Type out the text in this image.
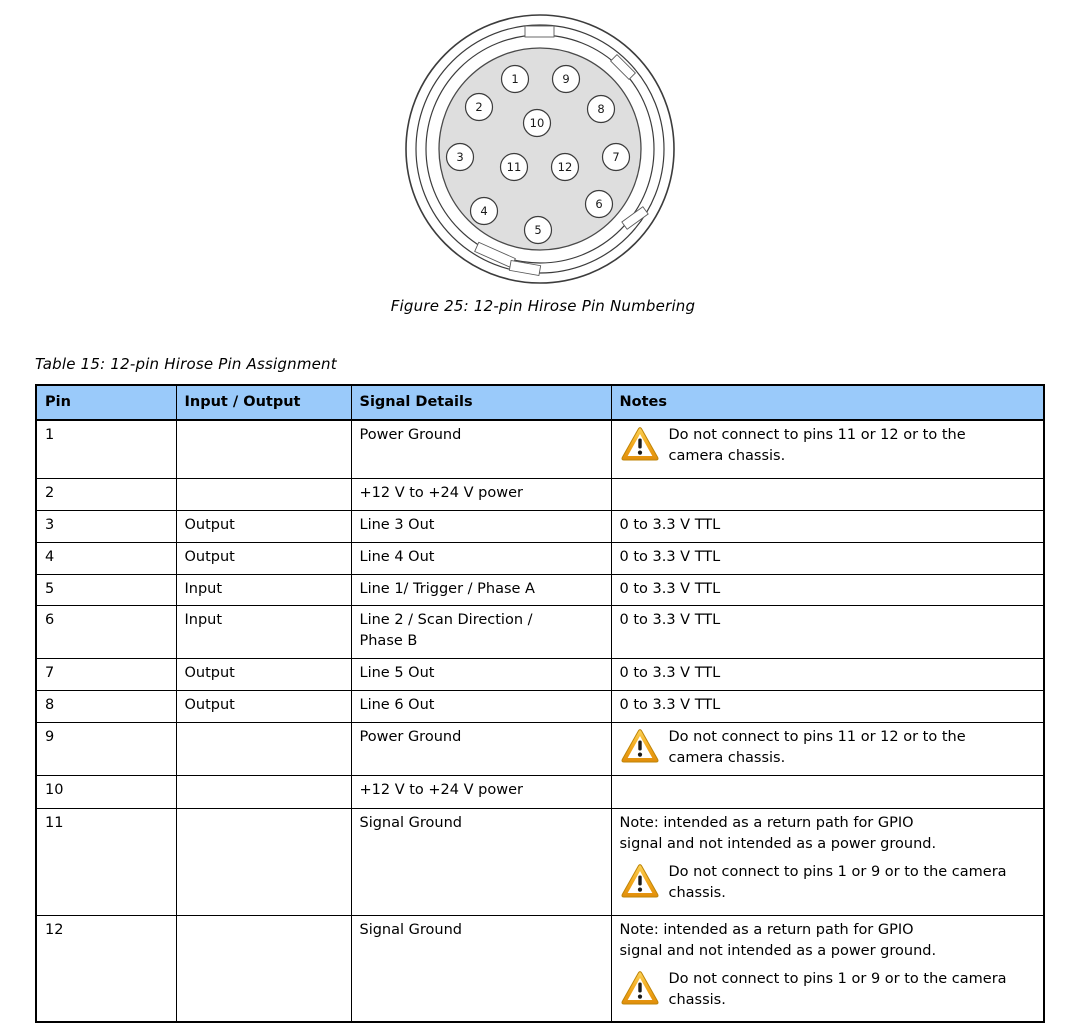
1	9
2	8
10
3
11	12
7
4	6
5
Figure 25: 12-pin Hirose Pin Numbering
Table 15: 12-pin Hirose Pin Assignment
Pin	Input / Output	Signal Details	Notes
1		Power Ground	Do not connect to pins 11 or 12 or to the camera chassis.

2		+12 V to +24 V power	
3	Output	Line 3 Out	0 to 3.3 V TTL
4	Output	Line 4 Out	0 to 3.3 V TTL
5	Input	Line 1/ Trigger / Phase A	0 to 3.3 V TTL
6	Input	Line 2 / Scan Direction / Phase B	0 to 3.3 V TTL
7	Output	Line 5 Out	0 to 3.3 V TTL
8	Output	Line 6 Out	0 to 3.3 V TTL
9		Power Ground	Do not connect to pins 11 or 12 or to the camera chassis.

10		+12 V to +24 V power	
11		Signal Ground	Note: intended as a return path for GPIO signal and not intended as a power ground.
Do not connect to pins 1 or 9 or to the camera chassis.

12		Signal Ground	Note: intended as a return path for GPIO signal and not intended as a power ground.
Do not connect to pins 1 or 9 or to the camera chassis.
